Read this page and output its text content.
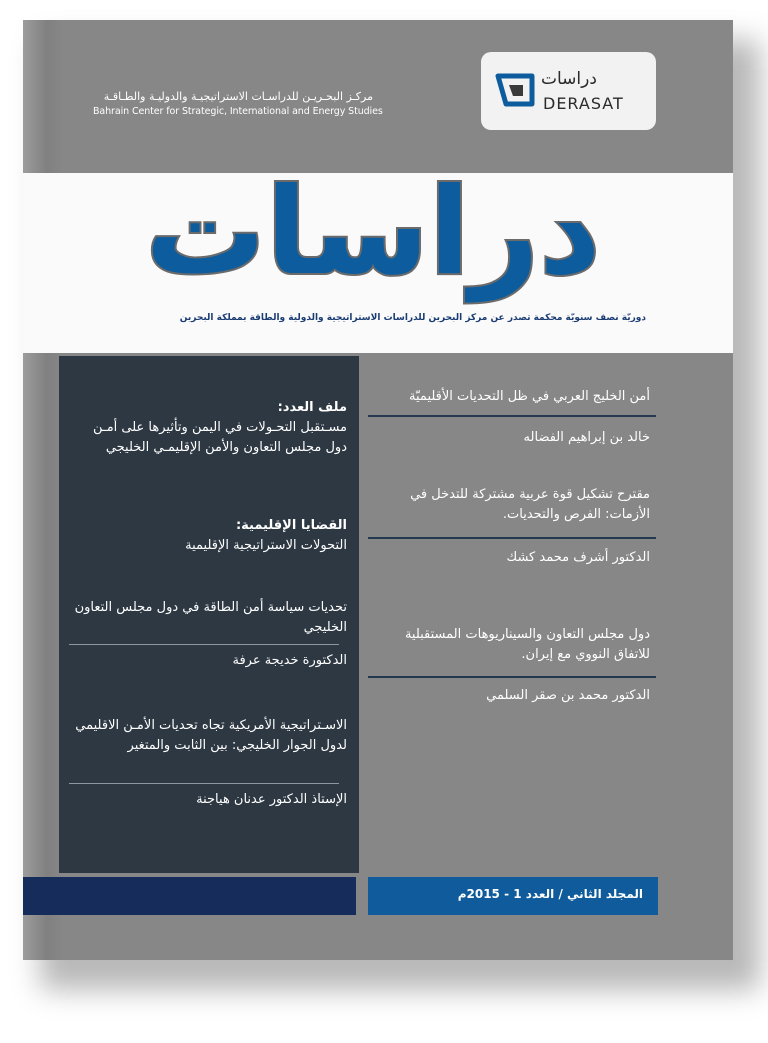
مركـز البحـريـن للدراسـات الاستراتيجيـة والدوليـة والطـاقـة
Bahrain Center for Strategic, International and Energy Studies
دراسات
DERASAT
دراسات
دوريّة نصف سنويّة محكمة تصدر عن مركز البحرين للدراسات الاستراتيجية والدولية والطاقة بمملكة البحرين
ملف العدد:
مسـتقبل التحـولات في اليمن وتأثيرها على أمـن دول مجلس التعاون والأمن الإقليمـي الخليجي
القضايا الإقليمية:
التحولات الاستراتيجية الإقليمية
تحديات سياسة أمن الطاقة في دول مجلس التعاون الخليجي
الدكتورة خديجة عرفة
الاسـتراتيجية الأمريكية تجاه تحديات الأمـن الاقليمي لدول الجوار الخليجي: بين الثابت والمتغير
الإستاذ الدكتور عدنان هياجنة
أمن الخليج العربي في ظل التحديات الأقليميّة
خالد بن إبراهيم الفضاله
مقترح تشكيل قوة عربية مشتركة للتدخل في الأزمات: الفرص والتحديات.
الدكتور أشرف محمد كشك
دول مجلس التعاون والسيناريوهات المستقبلية للاتفاق النووي مع إيران.
الدكتور محمد بن صقر السلمي
المجلد الثاني / العدد 1 - 2015م
